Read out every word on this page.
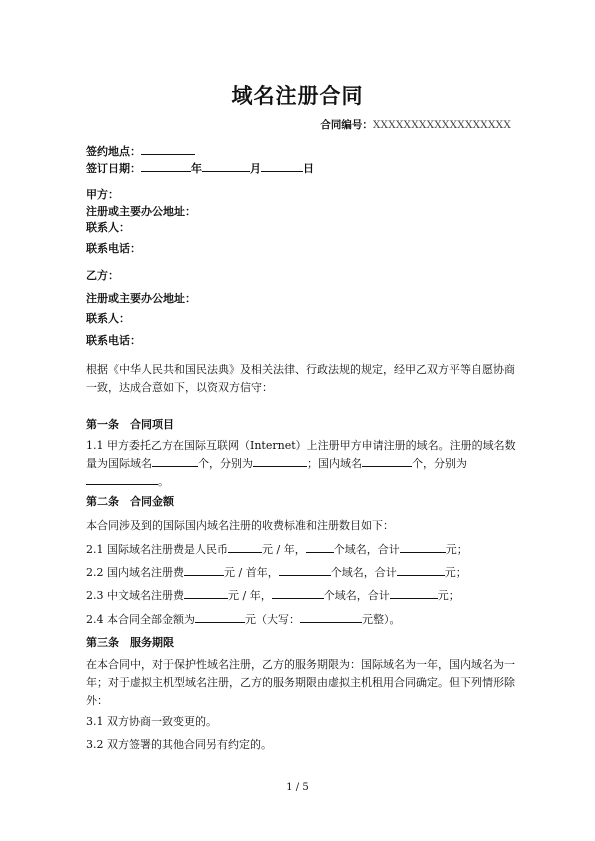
域名注册合同
合同编号：XXXXXXXXXXXXXXXXXX
签约地点：
签订日期：	年	月	日
甲方：
注册或主要办公地址：
联系人：
联系电话：
乙方：
注册或主要办公地址：
联系人：
联系电话：
根据《中华人民共和国民法典》及相关法律、行政法规的规定，经甲乙双方平等自愿协商一致，达成合意如下，以资双方信守：
第一条　合同项目
1.1 甲方委托乙方在国际互联网（Internet）上注册甲方申请注册的域名。注册的域名数量为国际域名	个，分别为	；国内域名	个，分别为。
第二条　合同金额
本合同涉及到的国际国内域名注册的收费标准和注册数目如下：
2.1 国际域名注册费是人民币	元 / 年，	个域名，合计	元；
2.2 国内域名注册费	元 / 首年，	个域名，合计	元；
2.3 中文域名注册费	元 / 年，	个域名，合计	元；
2.4 本合同全部金额为	元（大写：	元整）。
第三条　服务期限
在本合同中，对于保护性域名注册，乙方的服务期限为：国际域名为一年，国内域名为一年；对于虚拟主机型域名注册，乙方的服务期限由虚拟主机租用合同确定。但下列情形除外：
3.1 双方协商一致变更的。
3.2 双方签署的其他合同另有约定的。
1 / 5
